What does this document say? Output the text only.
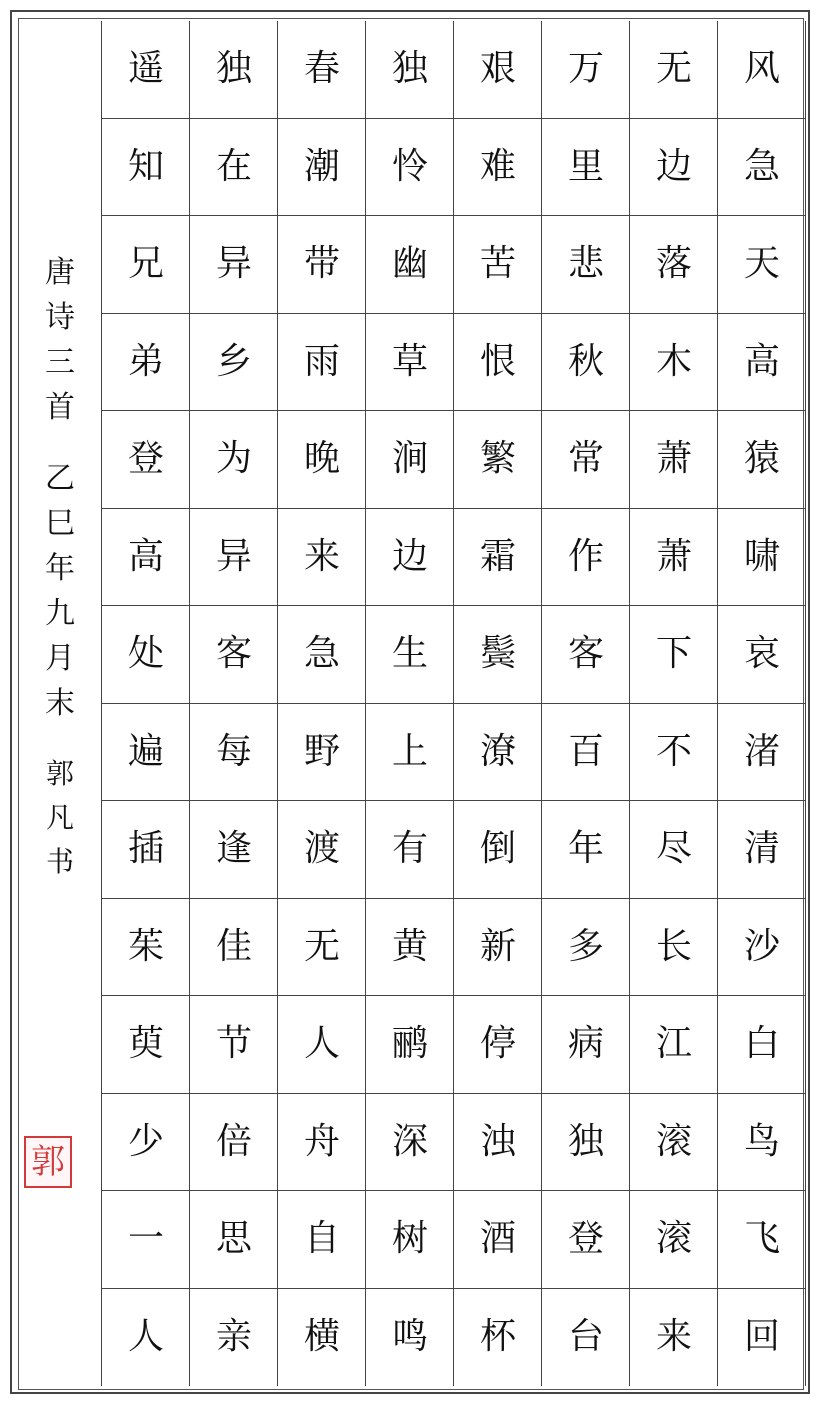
风
急
天
高
猿
啸
哀
渚
清
沙
白
鸟
飞
回
无
边
落
木
萧
萧
下
不
尽
长
江
滚
滚
来
万
里
悲
秋
常
作
客
百
年
多
病
独
登
台
艰
难
苦
恨
繁
霜
鬓
潦
倒
新
停
浊
酒
杯
独
怜
幽
草
涧
边
生
上
有
黄
鹂
深
树
鸣
春
潮
带
雨
晚
来
急
野
渡
无
人
舟
自
横
独
在
异
乡
为
异
客
每
逢
佳
节
倍
思
亲
遥
知
兄
弟
登
高
处
遍
插
茱
萸
少
一
人
唐
诗
三
首
乙
巳
年
九
月
末
郭
凡
书
郭
